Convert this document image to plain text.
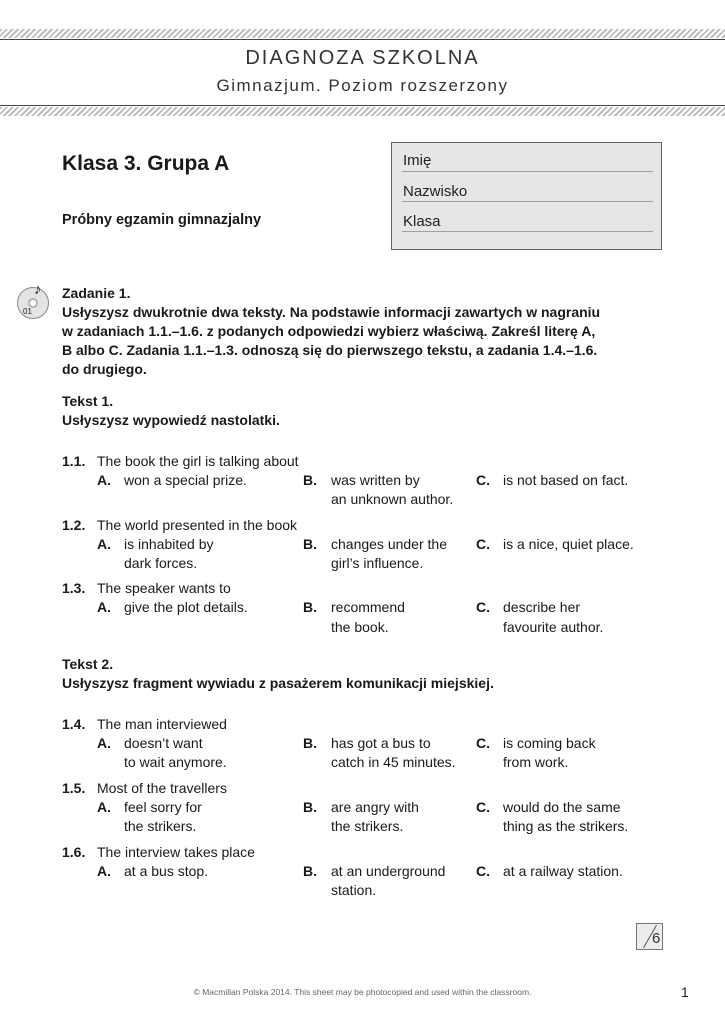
DIAGNOZA SZKOLNA
Gimnazjum. Poziom rozszerzony
Klasa 3. Grupa A
Próbny egzamin gimnazjalny
Imię
Nazwisko
Klasa
♪
01
Zadanie 1.
Usłyszysz dwukrotnie dwa teksty. Na podstawie informacji zawartych w nagraniu
w zadaniach 1.1.–1.6. z podanych odpowiedzi wybierz właściwą. Zakreśl literę A,
B albo C. Zadania 1.1.–1.3. odnoszą się do pierwszego tekstu, a zadania 1.4.–1.6.
do drugiego.
Tekst 1.
Usłyszysz wypowiedź nastolatki.
1.1. The book the girl is talking about
A. won a special prize.	B. was written by
an unknown author.
C. is not based on fact.
1.2. The world presented in the book
A. is inhabited by
dark forces.
B. changes under the
girl’s influence.
C. is a nice, quiet place.
1.3. The speaker wants to
A. give the plot details.	B. recommend
the book.
C. describe her
favourite author.
Tekst 2.
Usłyszysz fragment wywiadu z pasażerem komunikacji miejskiej.
1.4. The man interviewed
A. doesn’t want
to wait anymore.
B. has got a bus to
catch in 45 minutes.
C. is coming back
from work.
1.5. Most of the travellers
A. feel sorry for
the strikers.
B. are angry with
the strikers.
C. would do the same
thing as the strikers.
1.6. The interview takes place
A. at a bus stop.	B. at an underground
station.
C. at a railway station.
6
© Macmillan Polska 2014. This sheet may be photocopied and used within the classroom.	1
